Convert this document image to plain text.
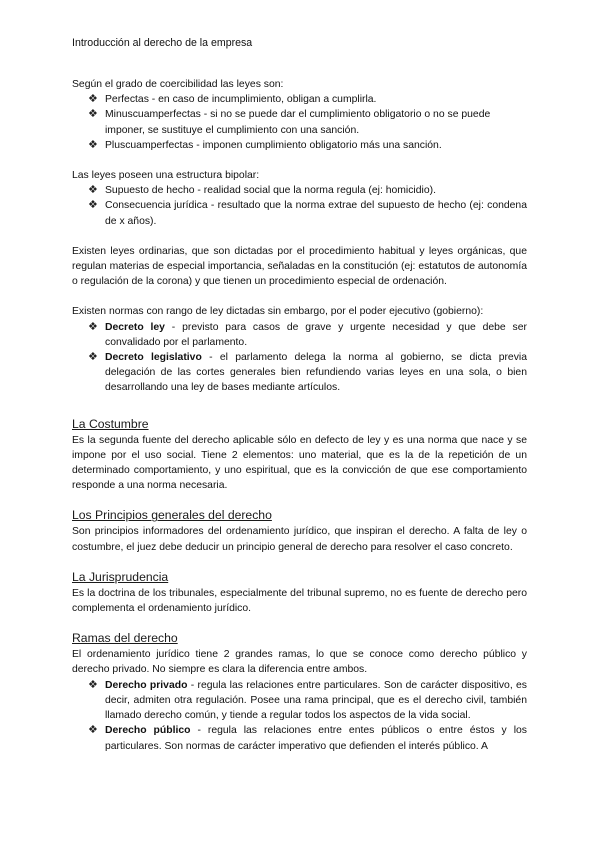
Introducción al derecho de la empresa

Según el grado de coercibilidad las leyes son:

❖ Perfectas - en caso de incumplimiento, obligan a cumplirla.
❖ Minuscuamperfectas - si no se puede dar el cumplimiento obligatorio o no se puede imponer, se sustituye el cumplimiento con una sanción.
❖ Pluscuamperfectas - imponen cumplimiento obligatorio más una sanción.

Las leyes poseen una estructura bipolar:

❖ Supuesto de hecho - realidad social que la norma regula (ej: homicidio).
❖ Consecuencia jurídica - resultado que la norma extrae del supuesto de hecho (ej: condena de x años).

Existen leyes ordinarias, que son dictadas por el procedimiento habitual y leyes orgánicas, que regulan materias de especial importancia, señaladas en la constitución (ej: estatutos de autonomía o regulación de la corona) y que tienen un procedimiento especial de ordenación.

Existen normas con rango de ley dictadas sin embargo, por el poder ejecutivo (gobierno):

❖ Decreto ley - previsto para casos de grave y urgente necesidad y que debe ser convalidado por el parlamento.
❖ Decreto legislativo - el parlamento delega la norma al gobierno, se dicta previa delegación de las cortes generales bien refundiendo varias leyes en una sola, o bien desarrollando una ley de bases mediante artículos.
La Costumbre

Es la segunda fuente del derecho aplicable sólo en defecto de ley y es una norma que nace y se impone por el uso social. Tiene 2 elementos: uno material, que es la de la repetición de un determinado comportamiento, y uno espiritual, que es la convicción de que ese comportamiento responde a una norma necesaria.

Los Principios generales del derecho

Son principios informadores del ordenamiento jurídico, que inspiran el derecho. A falta de ley o costumbre, el juez debe deducir un principio general de derecho para resolver el caso concreto.

La Jurisprudencia

Es la doctrina de los tribunales, especialmente del tribunal supremo, no es fuente de derecho pero complementa el ordenamiento jurídico.

Ramas del derecho

El ordenamiento jurídico tiene 2 grandes ramas, lo que se conoce como derecho público y derecho privado. No siempre es clara la diferencia entre ambos.

❖ Derecho privado - regula las relaciones entre particulares. Son de carácter dispositivo, es decir, admiten otra regulación. Posee una rama principal, que es el derecho civil, también llamado derecho común, y tiende a regular todos los aspectos de la vida social.
❖ Derecho público - regula las relaciones entre entes públicos o entre éstos y los particulares. Son normas de carácter imperativo que defienden el interés público. A
